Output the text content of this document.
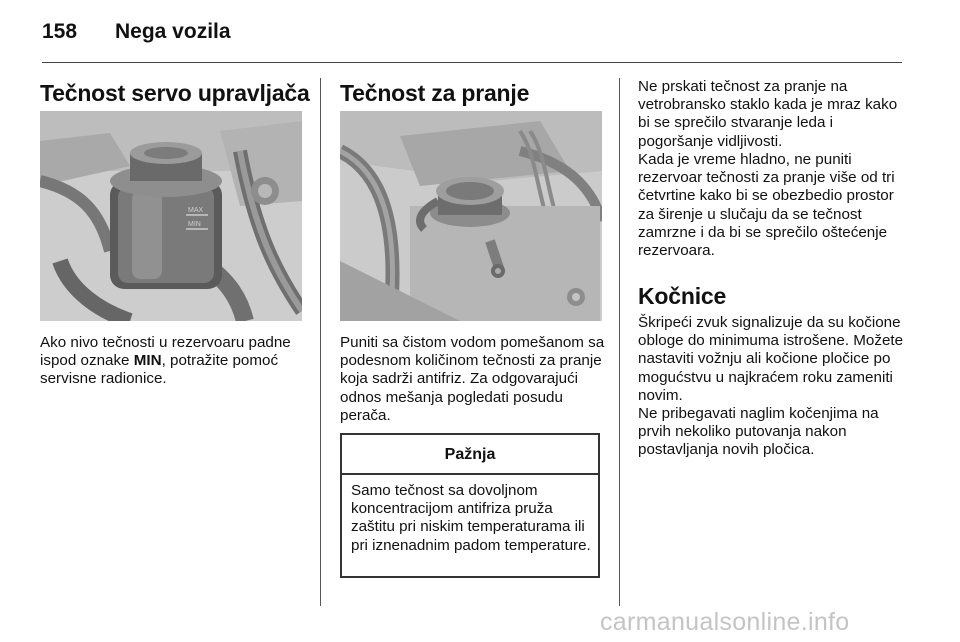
158 Nega vozila
Tečnost servo upravljača
MAX
MIN

Ako nivo tečnosti u rezervoaru padne ispod oznake MIN, potražite pomoć servisne radionice.

Tečnost za pranje

Puniti sa čistom vodom pomešanom sa podesnom količinom tečnosti za pranje koja sadrži antifriz. Za odgovarajući odnos mešanja pogledati posudu perača.

Pažnja

Samo tečnost sa dovoljnom koncentracijom antifriza pruža zaštitu pri niskim temperaturama ili pri iznenadnim padom temperature.

Ne prskati tečnost za pranje na vetrobransko staklo kada je mraz kako bi se sprečilo stvaranje leda i pogoršanje vidljivosti.

Kada je vreme hladno, ne puniti rezervoar tečnosti za pranje više od tri četvrtine kako bi se obezbedio prostor za širenje u slučaju da se tečnost zamrzne i da bi se sprečilo oštećenje rezervoara.

Kočnice

Škripeći zvuk signalizuje da su kočione obloge do minimuma istrošene. Možete nastaviti vožnju ali kočione pločice po mogućstvu u najkraćem roku zameniti novim.

Ne pribegavati naglim kočenjima na prvih nekoliko putovanja nakon postavljanja novih pločica.

carmanualsonline.info
